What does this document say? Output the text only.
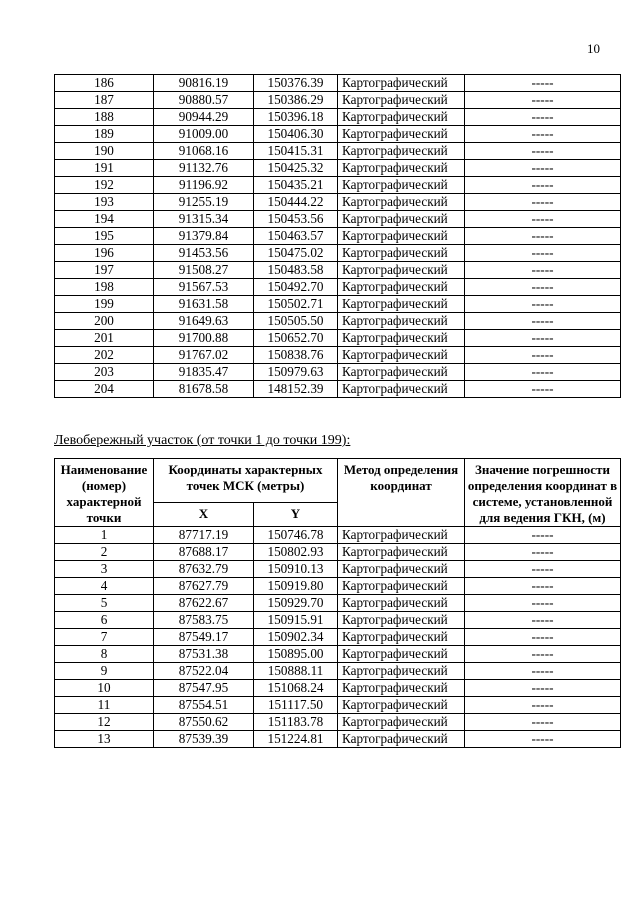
10
186	90816.19	150376.39	Картографический	-----
187	90880.57	150386.29	Картографический	-----
188	90944.29	150396.18	Картографический	-----
189	91009.00	150406.30	Картографический	-----
190	91068.16	150415.31	Картографический	-----
191	91132.76	150425.32	Картографический	-----
192	91196.92	150435.21	Картографический	-----
193	91255.19	150444.22	Картографический	-----
194	91315.34	150453.56	Картографический	-----
195	91379.84	150463.57	Картографический	-----
196	91453.56	150475.02	Картографический	-----
197	91508.27	150483.58	Картографический	-----
198	91567.53	150492.70	Картографический	-----
199	91631.58	150502.71	Картографический	-----
200	91649.63	150505.50	Картографический	-----
201	91700.88	150652.70	Картографический	-----
202	91767.02	150838.76	Картографический	-----
203	91835.47	150979.63	Картографический	-----
204	81678.58	148152.39	Картографический	-----
Левобережный участок (от точки 1 до точки 199):
Наименование (номер) характерной точки	Координаты характерных точек МСК (метры)		Метод определения координат	Значение погрешности определения координат в системе, установленной для ведения ГКН, (м)
	X	Y		
1	87717.19	150746.78	Картографический	-----
2	87688.17	150802.93	Картографический	-----
3	87632.79	150910.13	Картографический	-----
4	87627.79	150919.80	Картографический	-----
5	87622.67	150929.70	Картографический	-----
6	87583.75	150915.91	Картографический	-----
7	87549.17	150902.34	Картографический	-----
8	87531.38	150895.00	Картографический	-----
9	87522.04	150888.11	Картографический	-----
10	87547.95	151068.24	Картографический	-----
11	87554.51	151117.50	Картографический	-----
12	87550.62	151183.78	Картографический	-----
13	87539.39	151224.81	Картографический	-----
